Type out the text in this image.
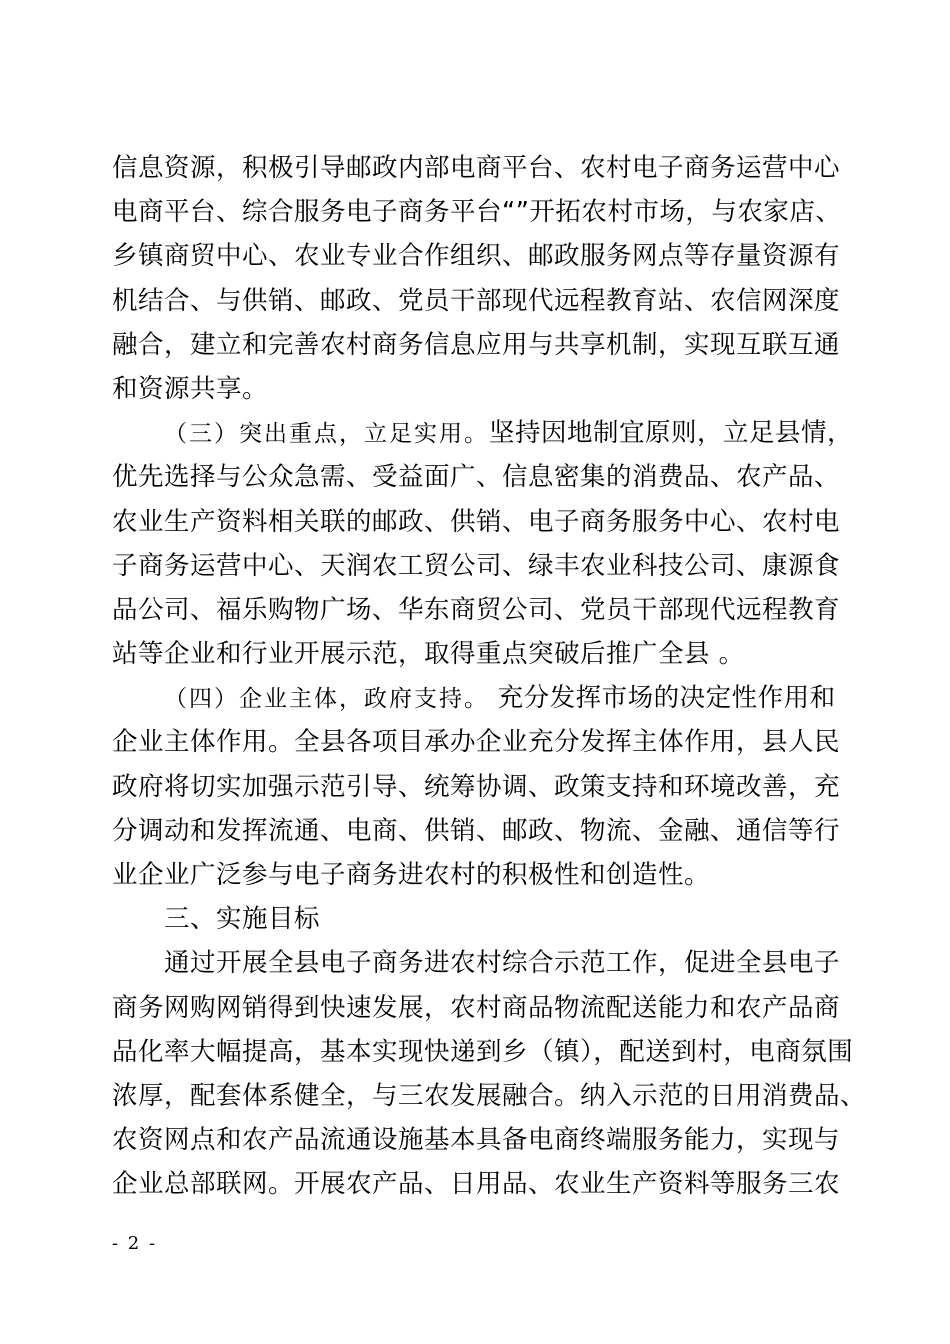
信息资源，积极引导邮政内部电商平台、农村电子商务运营中心
电商平台、综合服务电子商务平台“”开拓农村市场，与农家店、
乡镇商贸中心、农业专业合作组织、邮政服务网点等存量资源有
机结合、与供销、邮政、党员干部现代远程教育站、农信网深度
融合，建立和完善农村商务信息应用与共享机制，实现互联互通
和资源共享。
（三）突出重点，立足实用。坚持因地制宜原则，立足县情，
优先选择与公众急需、受益面广、信息密集的消费品、农产品、
农业生产资料相关联的邮政、供销、电子商务服务中心、农村电
子商务运营中心、天润农工贸公司、绿丰农业科技公司、康源食
品公司、福乐购物广场、华东商贸公司、党员干部现代远程教育
站等企业和行业开展示范，取得重点突破后推广全县 。
（四）企业主体，政府支持。 充分发挥市场的决定性作用和
企业主体作用。全县各项目承办企业充分发挥主体作用，县人民
政府将切实加强示范引导、统筹协调、政策支持和环境改善，充
分调动和发挥流通、电商、供销、邮政、物流、金融、通信等行
业企业广泛参与电子商务进农村的积极性和创造性。
三、实施目标
通过开展全县电子商务进农村综合示范工作，促进全县电子
商务网购网销得到快速发展，农村商品物流配送能力和农产品商
品化率大幅提高，基本实现快递到乡（镇），配送到村，电商氛围
浓厚，配套体系健全，与三农发展融合。纳入示范的日用消费品、
农资网点和农产品流通设施基本具备电商终端服务能力，实现与
企业总部联网。开展农产品、日用品、农业生产资料等服务三农
- 2 -
